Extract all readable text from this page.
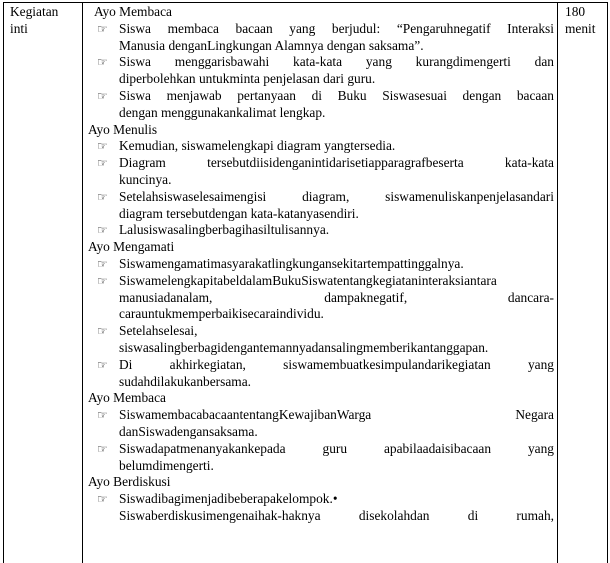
Kegiatan
inti
Ayo Membaca
☞ Siswa membaca bacaan yang berjudul: “Pengaruhnegatif Interaksi
Manusia denganLingkungan Alamnya dengan saksama”.
☞ Siswa menggarisbawahi kata-kata yang kurangdimengerti dan
diperbolehkan untukminta penjelasan dari guru.
☞ Siswa menjawab pertanyaan di Buku Siswasesuai dengan bacaan
dengan menggunakankalimat lengkap.
Ayo Menulis
☞ Kemudian, siswamelengkapi diagram yangtersedia.
☞ Diagram tersebutdiisidenganintidarisetiapparagrafbeserta kata-kata
kuncinya.
☞ Setelahsiswaselesaimengisi diagram, siswamenuliskanpenjelasandari
diagram tersebutdengan kata-katanyasendiri.
☞ Lalusiswasalingberbagihasiltulisannya.
Ayo Mengamati
☞ Siswamengamatimasyarakatlingkungansekitartempattinggalnya.
☞ SiswamelengkapitabeldalamBukuSiswatentangkegiataninteraksiantara
manusiadanalam,                    dampaknegatif,                  dancara-
carauntukmemperbaikisecaraindividu.
☞ Setelahselesai,
siswasalingberbagidengantemannyadansalingmemberikantanggapan.
☞ Di akhirkegiatan, siswamembuatkesimpulandarikegiatan yang
sudahdilakukanbersama.
Ayo Membaca
☞ SiswamembacabacaantentangKewajibanWarga                                  Negara
danSiswadengansaksama.
☞ Siswadapatmenanyakankepada guru apabilaadaisibacaan yang
belumdimengerti.
Ayo Berdiskusi
☞ Siswadibagimenjadibeberapakelompok.•
Siswaberdiskusimengenaihak-haknya disekolahdan di rumah,
180
menit
